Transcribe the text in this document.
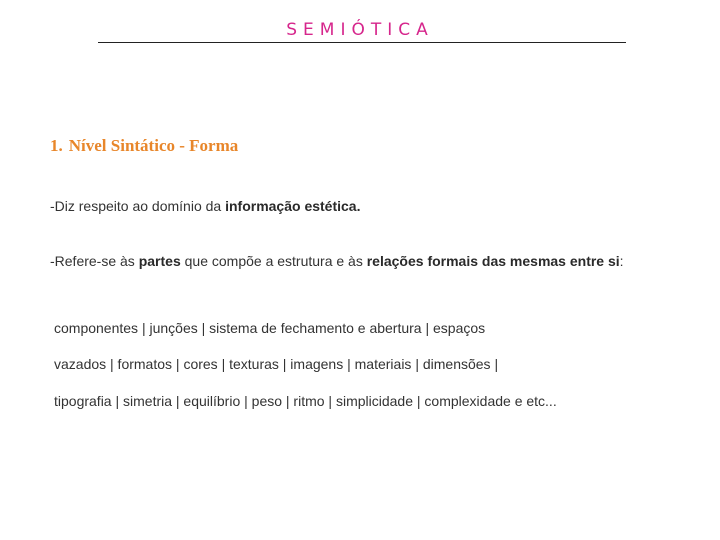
SEMIÓTICA
1. Nível Sintático - Forma

-Diz respeito ao domínio da informação estética.

-Refere-se às partes que compõe a estrutura e às relações formais das mesmas entre si:

componentes | junções | sistema de fechamento e abertura | espaços

vazados | formatos | cores | texturas | imagens | materiais | dimensões |

tipografia | simetria | equilíbrio | peso | ritmo | simplicidade | complexidade e etc...
